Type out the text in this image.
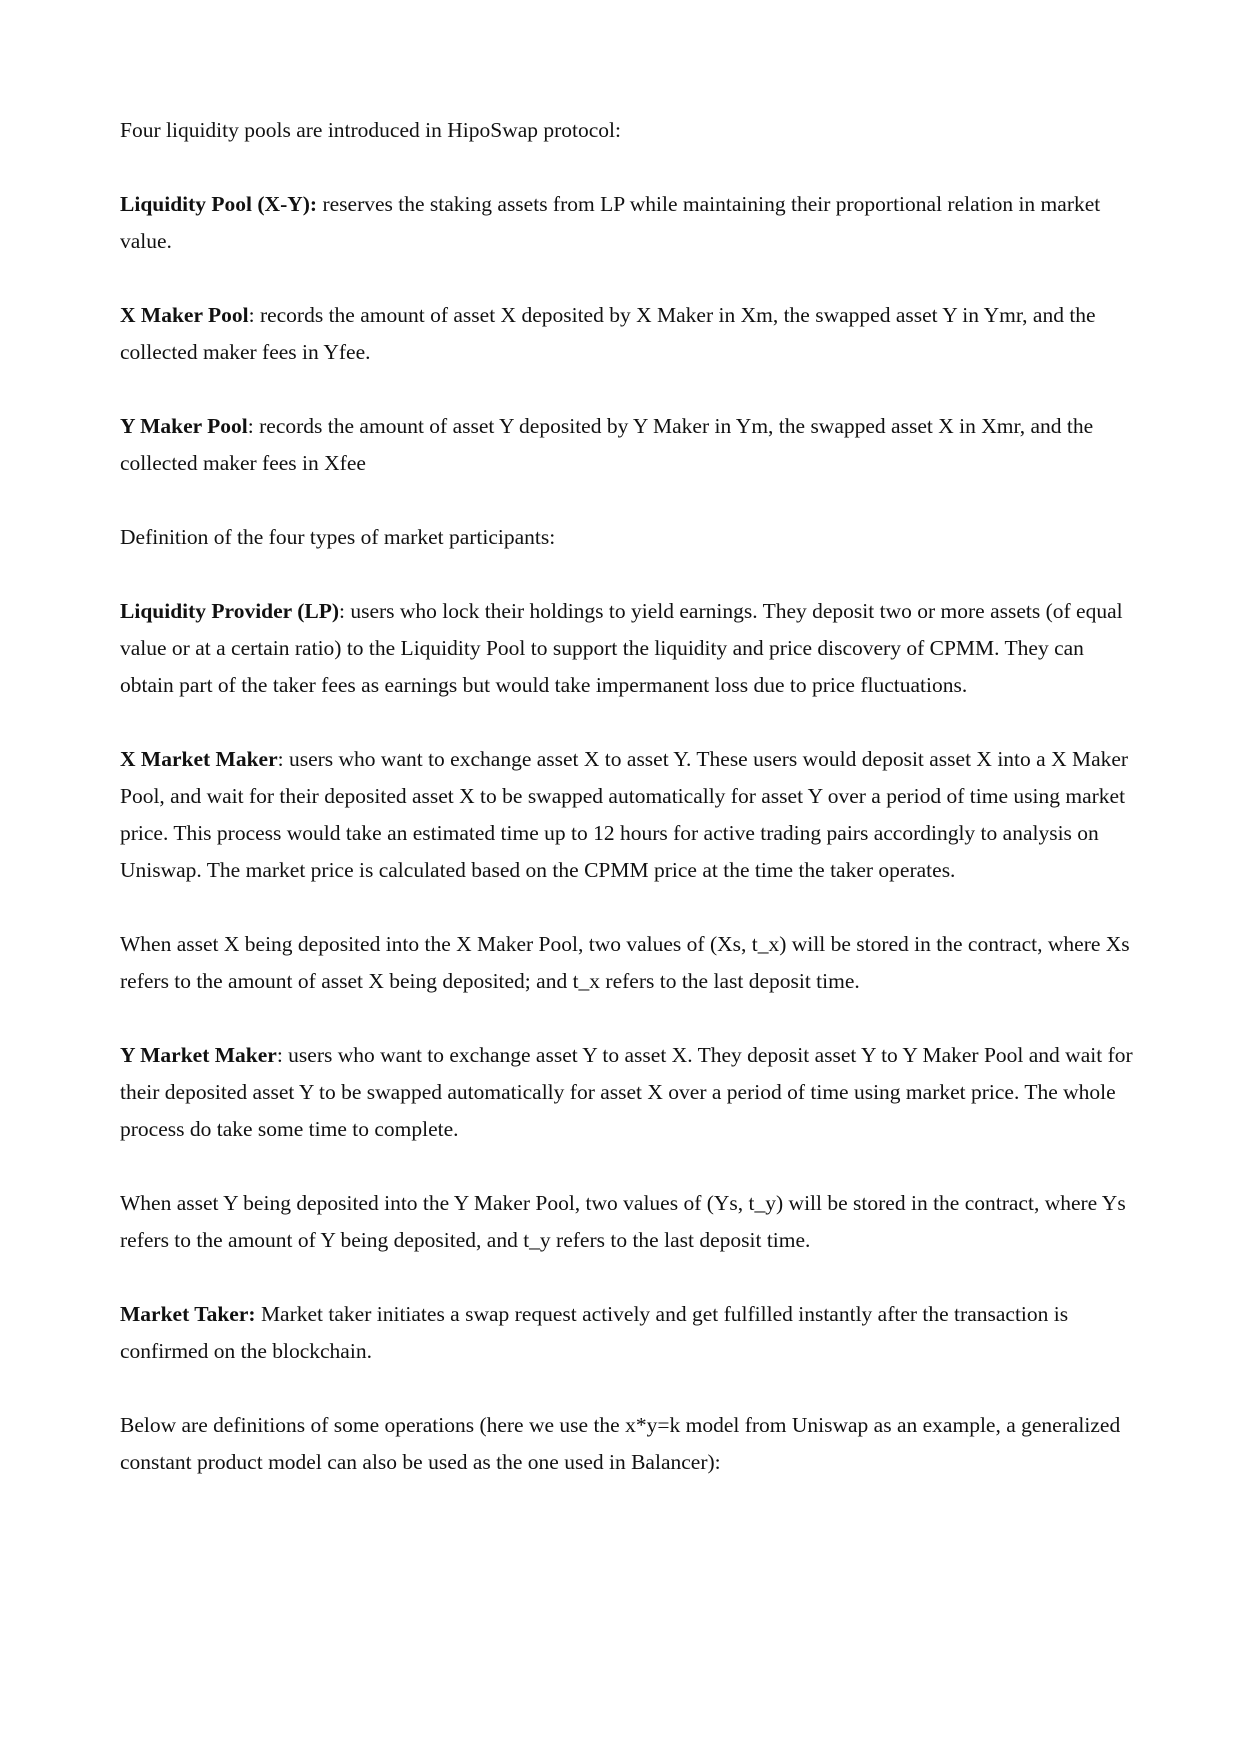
Four liquidity pools are introduced in HipoSwap protocol:

Liquidity Pool (X-Y): reserves the staking assets from LP while maintaining their proportional relation in market value.

X Maker Pool: records the amount of asset X deposited by X Maker in Xm, the swapped asset Y in Ymr, and the collected maker fees in Yfee.

Y Maker Pool: records the amount of asset Y deposited by Y Maker in Ym, the swapped asset X in Xmr, and the collected maker fees in Xfee

Definition of the four types of market participants:

Liquidity Provider (LP): users who lock their holdings to yield earnings. They deposit two or more assets (of equal value or at a certain ratio) to the Liquidity Pool to support the liquidity and price discovery of CPMM. They can obtain part of the taker fees as earnings but would take impermanent loss due to price fluctuations.

X Market Maker: users who want to exchange asset X to asset Y. These users would deposit asset X into a X Maker Pool, and wait for their deposited asset X to be swapped automatically for asset Y over a period of time using market price. This process would take an estimated time up to 12 hours for active trading pairs accordingly to analysis on Uniswap. The market price is calculated based on the CPMM price at the time the taker operates.

When asset X being deposited into the X Maker Pool, two values of (Xs, t_x) will be stored in the contract, where Xs refers to the amount of asset X being deposited; and t_x refers to the last deposit time.

Y Market Maker: users who want to exchange asset Y to asset X. They deposit asset Y to Y Maker Pool and wait for their deposited asset Y to be swapped automatically for asset X over a period of time using market price. The whole process do take some time to complete.

When asset Y being deposited into the Y Maker Pool, two values of (Ys, t_y) will be stored in the contract, where Ys refers to the amount of Y being deposited, and t_y refers to the last deposit time.

Market Taker: Market taker initiates a swap request actively and get fulfilled instantly after the transaction is confirmed on the blockchain.

Below are definitions of some operations (here we use the x*y=k model from Uniswap as an example, a generalized constant product model can also be used as the one used in Balancer):
